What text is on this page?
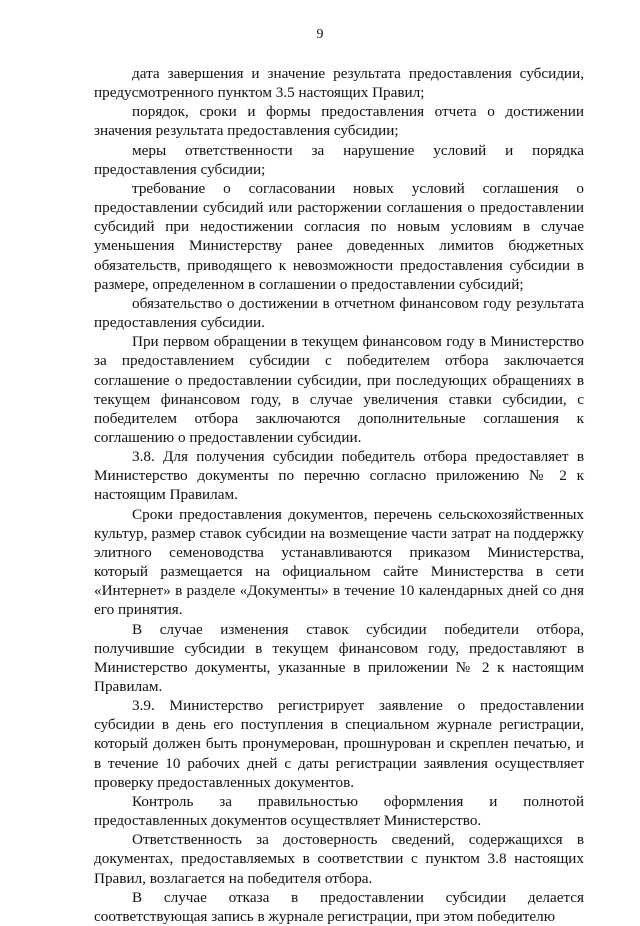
9

дата завершения и значение результата предоставления субсидии, предусмотренного пунктом 3.5 настоящих Правил;

порядок, сроки и формы предоставления отчета о достижении значения результата предоставления субсидии;

меры ответственности за нарушение условий и порядка предоставления субсидии;

требование о согласовании новых условий соглашения о предоставлении субсидий или расторжении соглашения о предоставлении субсидий при недостижении согласия по новым условиям в случае уменьшения Министерству ранее доведенных лимитов бюджетных обязательств, приводящего к невозможности предоставления субсидии в размере, определенном в соглашении о предоставлении субсидий;

обязательство о достижении в отчетном финансовом году результата предоставления субсидии.

При первом обращении в текущем финансовом году в Министерство за предоставлением субсидии с победителем отбора заключается соглашение о предоставлении субсидии, при последующих обращениях в текущем финансовом году, в случае увеличения ставки субсидии, с победителем отбора заключаются дополнительные соглашения к соглашению о предоставлении субсидии.

3.8. Для получения субсидии победитель отбора предоставляет в Министерство документы по перечню согласно приложению № 2 к настоящим Правилам.

Сроки предоставления документов, перечень сельскохозяйственных культур, размер ставок субсидии на возмещение части затрат на поддержку элитного семеноводства устанавливаются приказом Министерства, который размещается на официальном сайте Министерства в сети «Интернет» в разделе «Документы» в течение 10 календарных дней со дня его принятия.

В случае изменения ставок субсидии победители отбора, получившие субсидии в текущем финансовом году, предоставляют в Министерство документы, указанные в приложении № 2 к настоящим Правилам.

3.9. Министерство регистрирует заявление о предоставлении субсидии в день его поступления в специальном журнале регистрации, который должен быть пронумерован, прошнурован и скреплен печатью, и в течение 10 рабочих дней с даты регистрации заявления осуществляет проверку предоставленных документов.

Контроль за правильностью оформления и полнотой предоставленных документов осуществляет Министерство.

Ответственность за достоверность сведений, содержащихся в документах, предоставляемых в соответствии с пунктом 3.8 настоящих Правил, возлагается на победителя отбора.

В случае отказа в предоставлении субсидии делается соответствующая запись в журнале регистрации, при этом победителю
